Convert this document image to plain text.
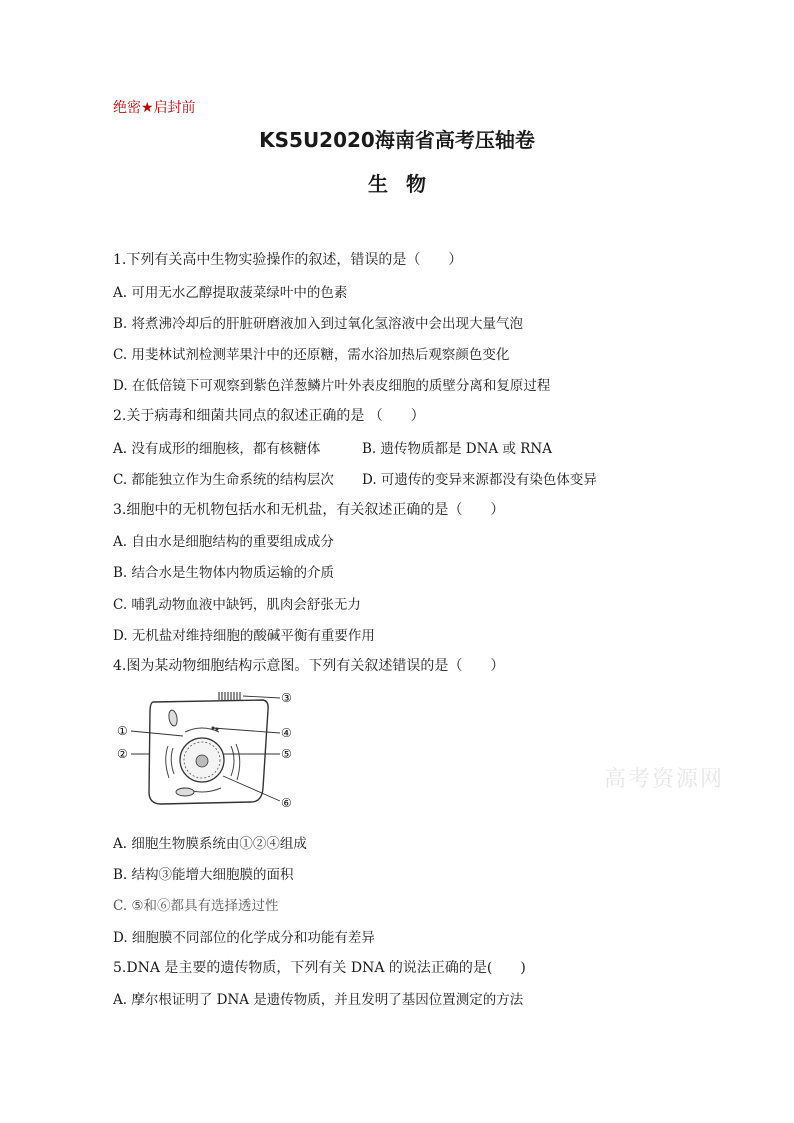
绝密★启封前
KS5U2020海南省高考压轴卷
生物
1.下列有关高中生物实验操作的叙述，错误的是（　　）
A. 可用无水乙醇提取菠菜绿叶中的色素
B. 将煮沸冷却后的肝脏研磨液加入到过氧化氢溶液中会出现大量气泡
C. 用斐林试剂检测苹果汁中的还原糖，需水浴加热后观察颜色变化
D. 在低倍镜下可观察到紫色洋葱鳞片叶外表皮细胞的质壁分离和复原过程
2.关于病毒和细菌共同点的叙述正确的是 （　　）
A. 没有成形的细胞核，都有核糖体	B. 遗传物质都是 DNA 或 RNA
C. 都能独立作为生命系统的结构层次 D. 可遗传的变异来源都没有染色体变异
3.细胞中的无机物包括水和无机盐，有关叙述正确的是（　　）
A. 自由水是细胞结构的重要组成成分
B. 结合水是生物体内物质运输的介质
C. 哺乳动物血液中缺钙，肌肉会舒张无力
D. 无机盐对维持细胞的酸碱平衡有重要作用
4.图为某动物细胞结构示意图。下列有关叙述错误的是（　　）
①
②
③
④
⑤
⑥
高考资源网
A. 细胞生物膜系统由①②④组成
B. 结构③能增大细胞膜的面积
C. ⑤和⑥都具有选择透过性
D. 细胞膜不同部位的化学成分和功能有差异
5.DNA 是主要的遗传物质，下列有关 DNA 的说法正确的是(　　)
A. 摩尔根证明了 DNA 是遗传物质，并且发明了基因位置测定的方法
